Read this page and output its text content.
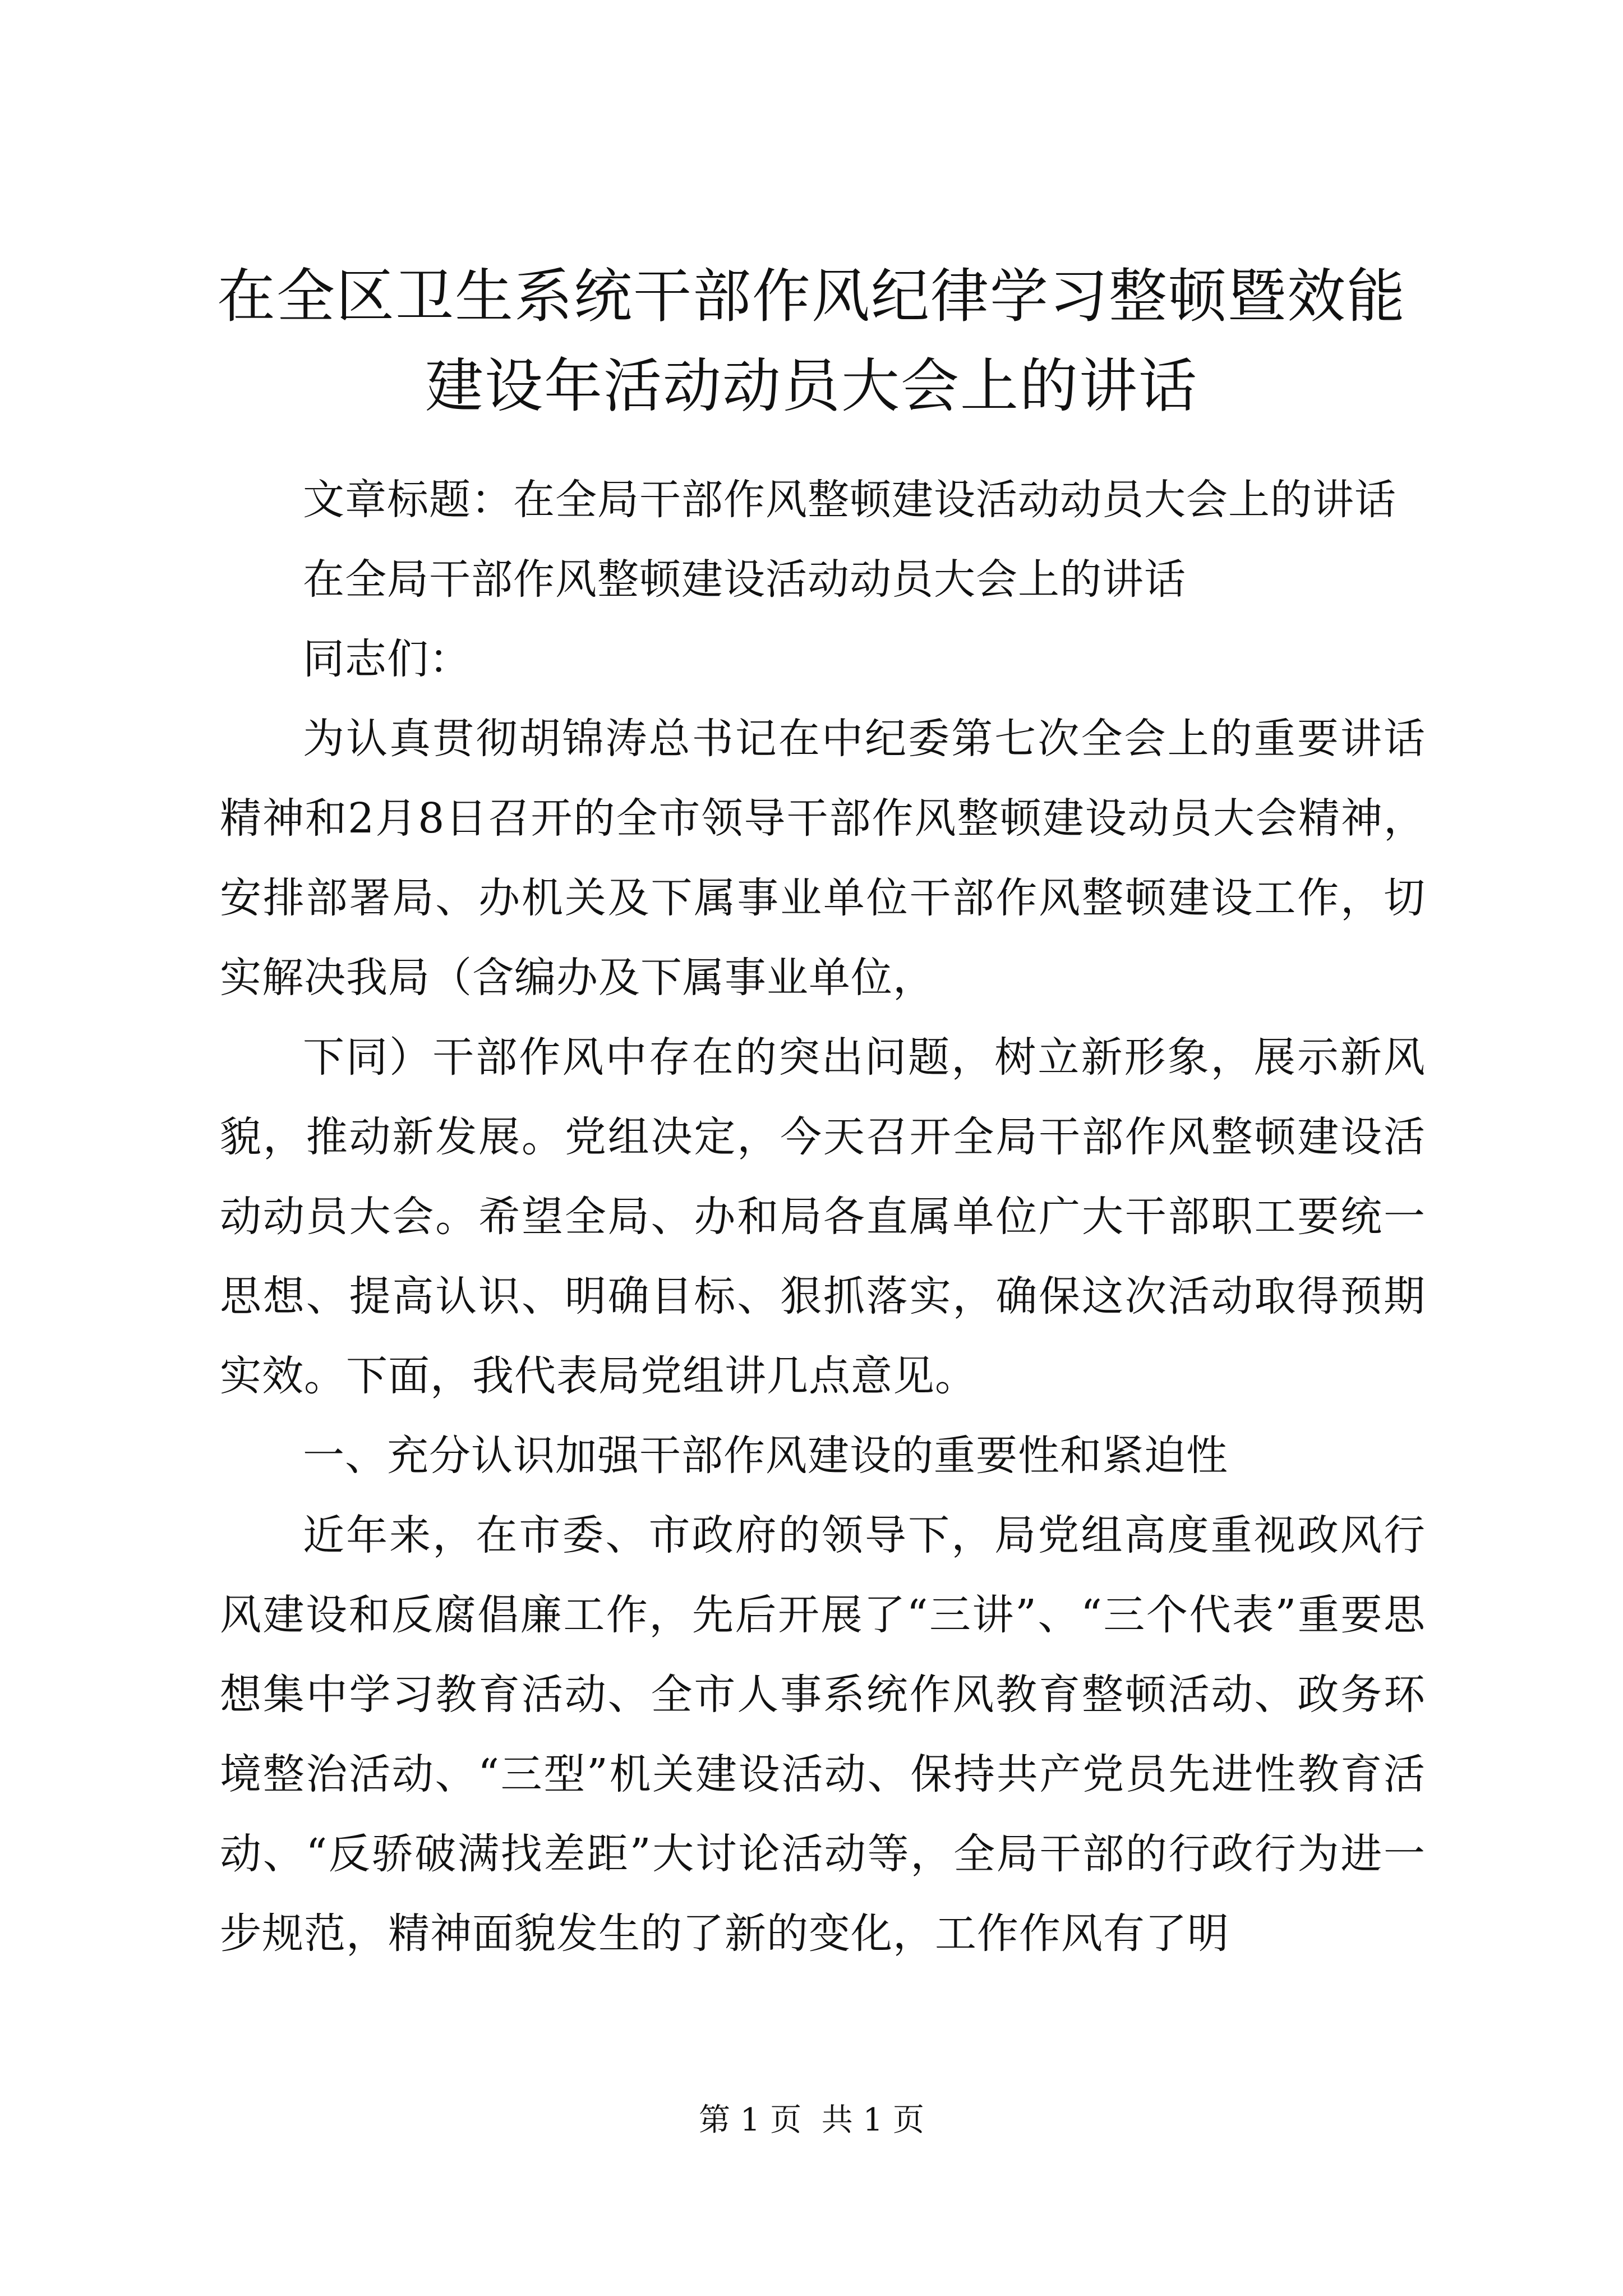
在全区卫生系统干部作风纪律学习整顿暨效能建设年活动动员大会上的讲话

文章标题：在全局干部作风整顿建设活动动员大会上的讲话

在全局干部作风整顿建设活动动员大会上的讲话

同志们：

为认真贯彻胡锦涛总书记在中纪委第七次全会上的重要讲话精神和2月8日召开的全市领导干部作风整顿建设动员大会精神，安排部署局、办机关及下属事业单位干部作风整顿建设工作，切实解决我局（含编办及下属事业单位，

下同）干部作风中存在的突出问题，树立新形象，展示新风貌，推动新发展。党组决定，今天召开全局干部作风整顿建设活动动员大会。希望全局、办和局各直属单位广大干部职工要统一思想、提高认识、明确目标、狠抓落实，确保这次活动取得预期实效。下面，我代表局党组讲几点意见。

一、充分认识加强干部作风建设的重要性和紧迫性

近年来，在市委、市政府的领导下，局党组高度重视政风行风建设和反腐倡廉工作，先后开展了“三讲”、“三个代表”重要思想集中学习教育活动、全市人事系统作风教育整顿活动、政务环境整治活动、“三型”机关建设活动、保持共产党员先进性教育活动、“反骄破满找差距”大讨论活动等，全局干部的行政行为进一步规范，精神面貌发生的了新的变化，工作作风有了明

第 1 页  共 1 页
